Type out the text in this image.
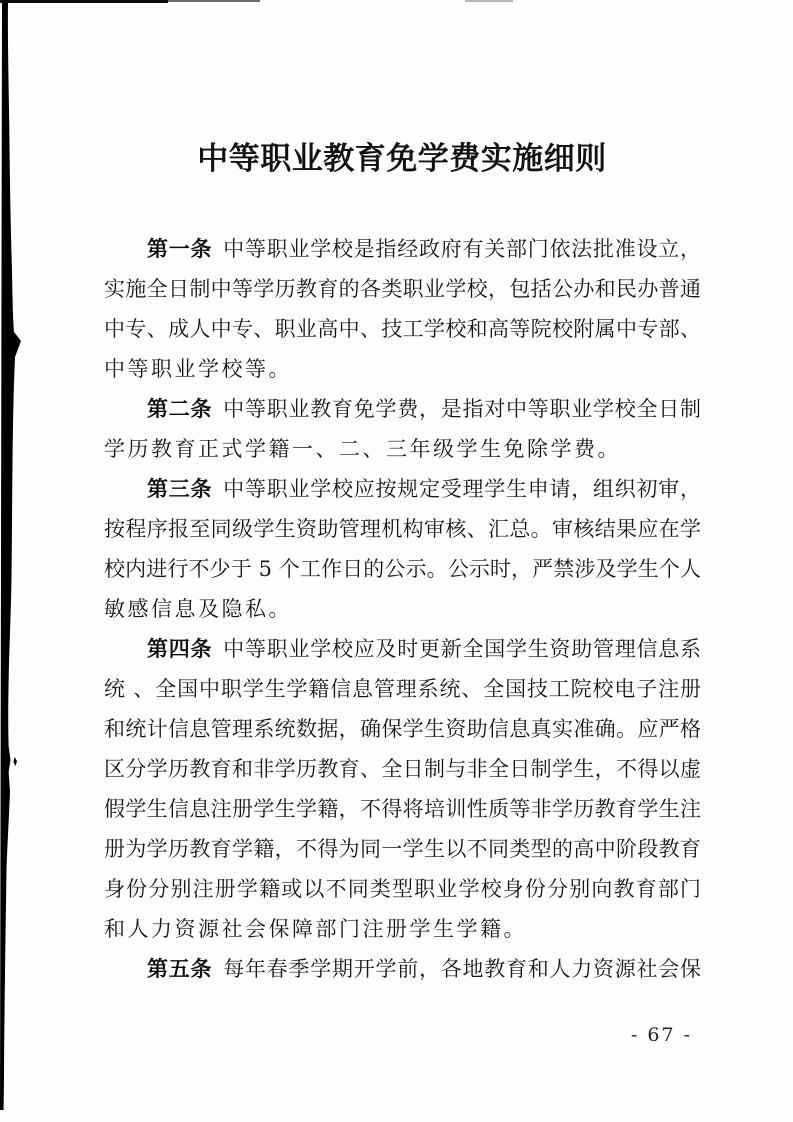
中等职业教育免学费实施细则
第一条 中等职业学校是指经政府有关部门依法批准设立，
实施全日制中等学历教育的各类职业学校，包括公办和民办普通
中专、成人中专、职业高中、技工学校和高等院校附属中专部、
中等职业学校等。
第二条 中等职业教育免学费，是指对中等职业学校全日制
学历教育正式学籍一、二、三年级学生免除学费。
第三条 中等职业学校应按规定受理学生申请，组织初审，
按程序报至同级学生资助管理机构审核、汇总。审核结果应在学
校内进行不少于 5 个工作日的公示。公示时，严禁涉及学生个人
敏感信息及隐私。
第四条 中等职业学校应及时更新全国学生资助管理信息系
统 、全国中职学生学籍信息管理系统、全国技工院校电子注册
和统计信息管理系统数据，确保学生资助信息真实准确。应严格
区分学历教育和非学历教育、全日制与非全日制学生，不得以虚
假学生信息注册学生学籍，不得将培训性质等非学历教育学生注
册为学历教育学籍，不得为同一学生以不同类型的高中阶段教育
身份分别注册学籍或以不同类型职业学校身份分别向教育部门
和人力资源社会保障部门注册学生学籍。
第五条 每年春季学期开学前，各地教育和人力资源社会保
- 67 -
